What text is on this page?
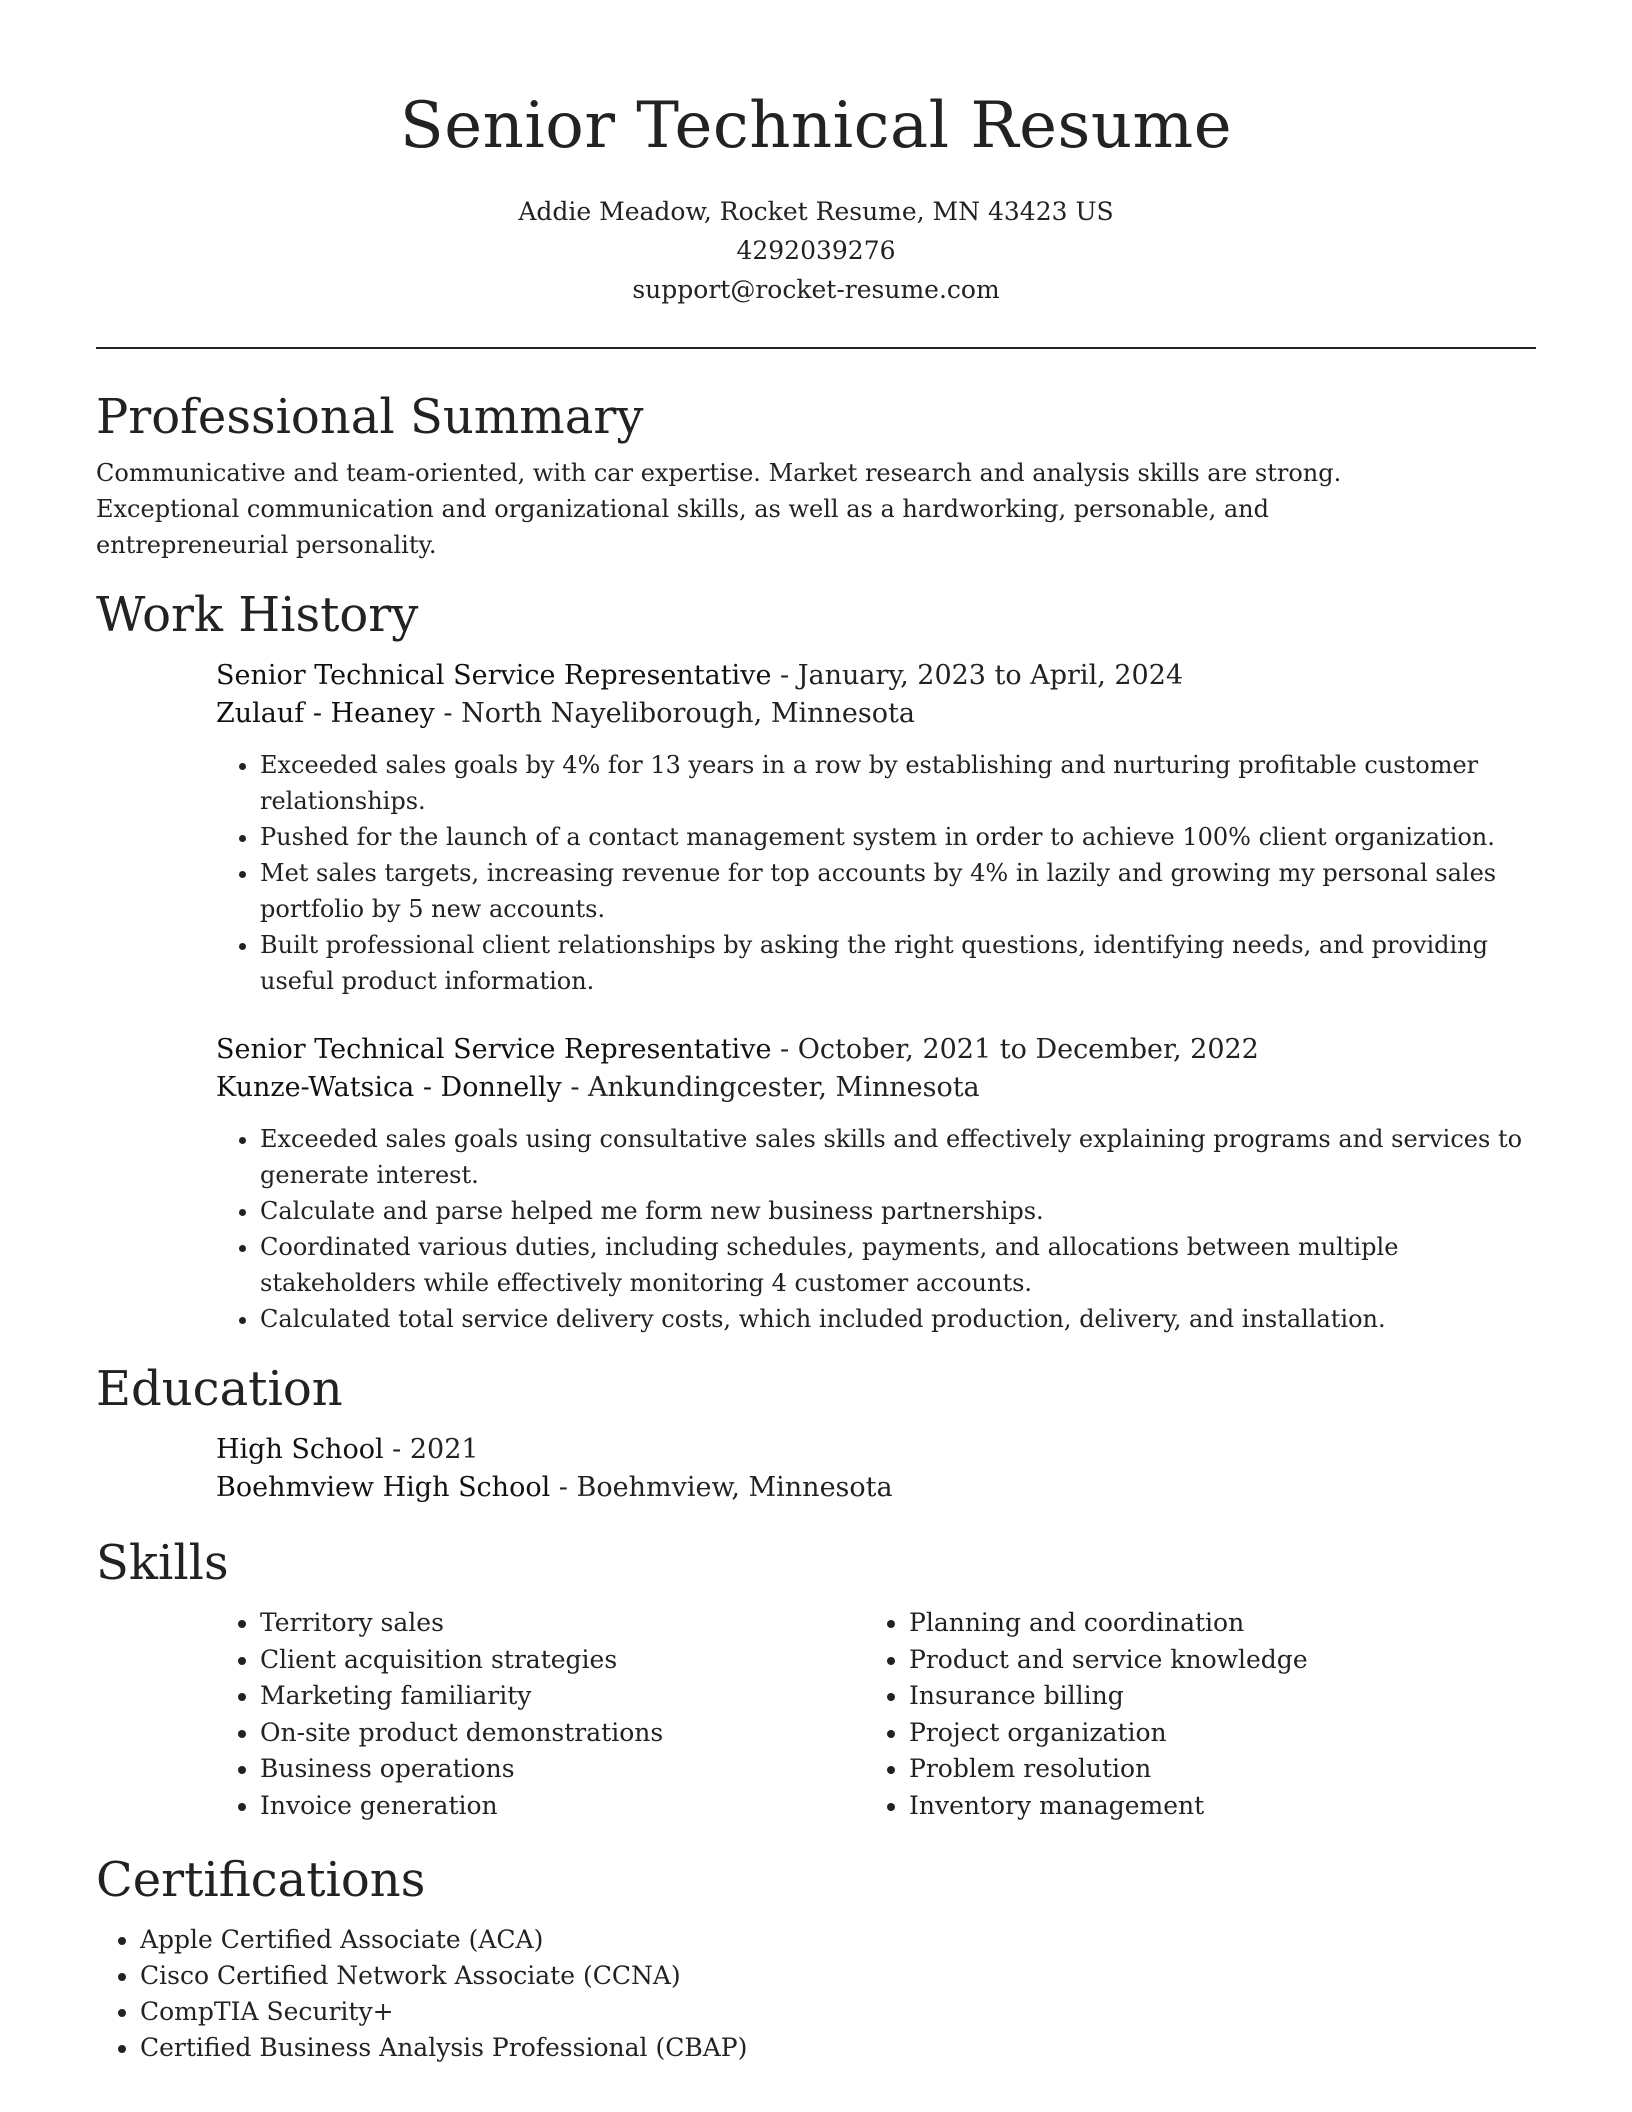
Senior Technical Resume
Addie Meadow, Rocket Resume, MN 43423 US
4292039276
support@rocket-resume.com
Professional Summary

Communicative and team-oriented, with car expertise. Market research and analysis skills are strong. Exceptional communication and organizational skills, as well as a hardworking, personable, and entrepreneurial personality.

Work History

Senior Technical Service Representative - January, 2023 to April, 2024

Zulauf - Heaney - North Nayeliborough, Minnesota

• Exceeded sales goals by 4% for 13 years in a row by establishing and nurturing profitable customer relationships.
• Pushed for the launch of a contact management system in order to achieve 100% client organization.
• Met sales targets, increasing revenue for top accounts by 4% in lazily and growing my personal sales portfolio by 5 new accounts.
• Built professional client relationships by asking the right questions, identifying needs, and providing useful product information.

Senior Technical Service Representative - October, 2021 to December, 2022

Kunze-Watsica - Donnelly - Ankundingcester, Minnesota

• Exceeded sales goals using consultative sales skills and effectively explaining programs and services to generate interest.
• Calculate and parse helped me form new business partnerships.
• Coordinated various duties, including schedules, payments, and allocations between multiple stakeholders while effectively monitoring 4 customer accounts.
• Calculated total service delivery costs, which included production, delivery, and installation.
Education

High School - 2021

Boehmview High School - Boehmview, Minnesota

Skills
• Territory sales
• Client acquisition strategies
• Marketing familiarity
• On-site product demonstrations
• Business operations
• Invoice generation
• Planning and coordination
• Product and service knowledge
• Insurance billing
• Project organization
• Problem resolution
• Inventory management
Certifications
• Apple Certified Associate (ACA)
• Cisco Certified Network Associate (CCNA)
• CompTIA Security+
• Certified Business Analysis Professional (CBAP)
